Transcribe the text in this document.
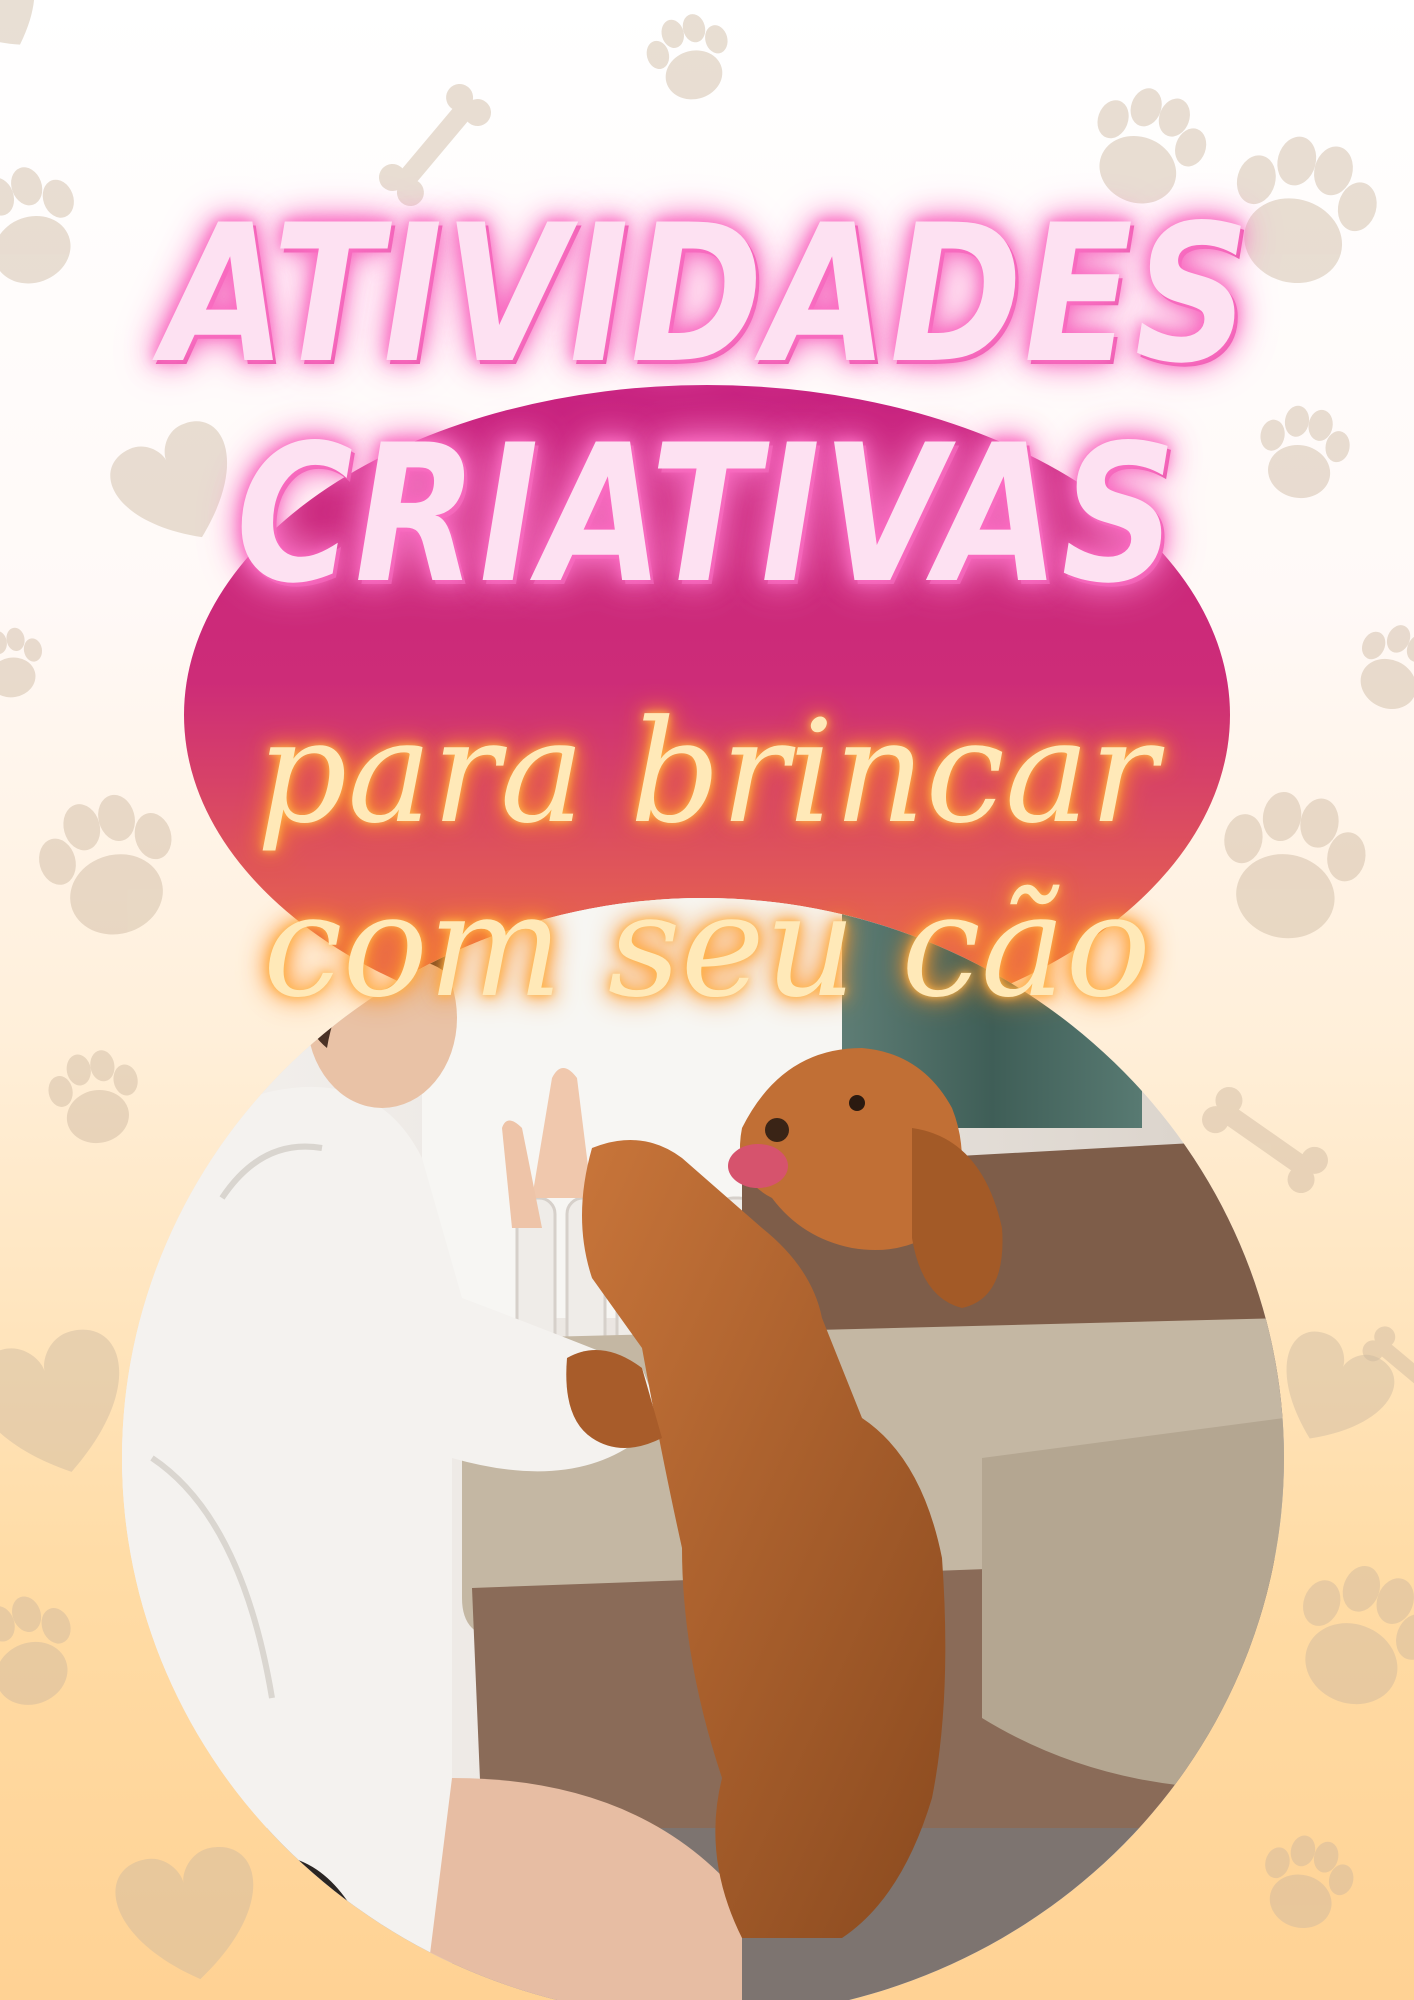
ATIVIDADES
CRIATIVAS
para brincar
com seu cão
